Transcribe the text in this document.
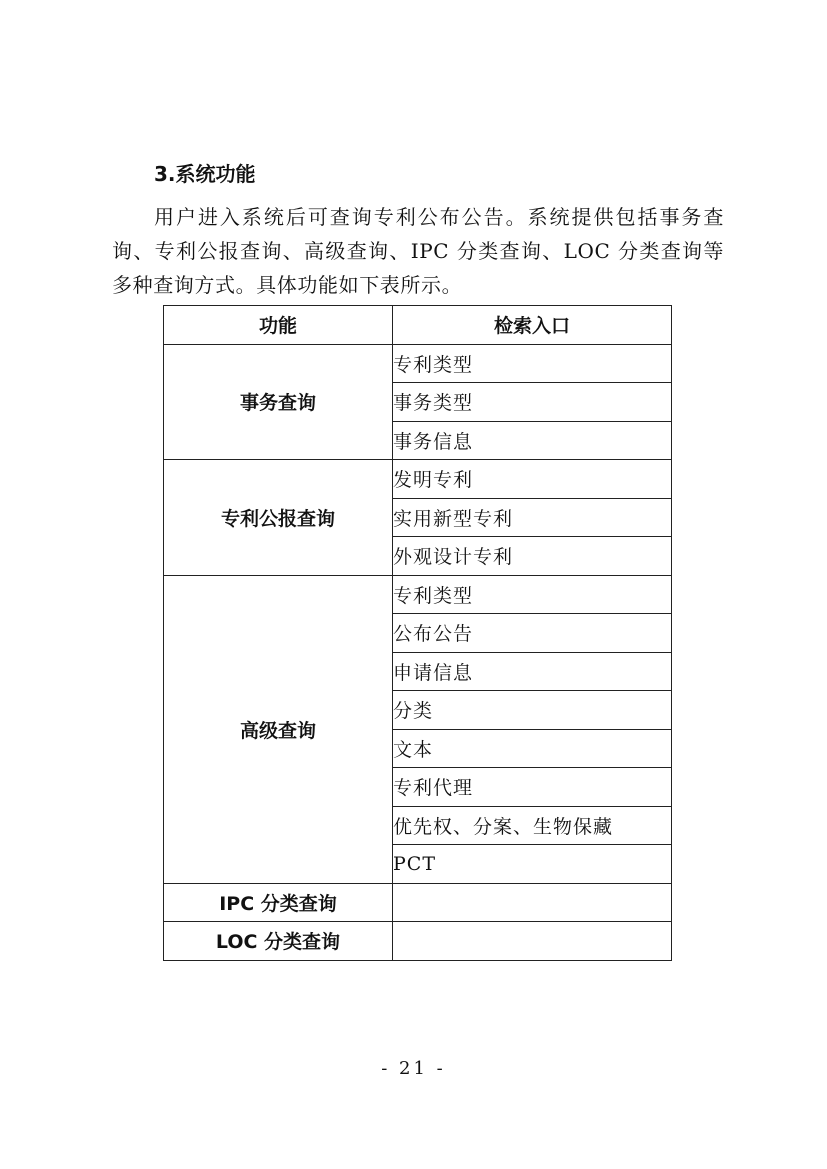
3.系统功能

用户进入系统后可查询专利公布公告。系统提供包括事务查询、专利公报查询、高级查询、IPC 分类查询、LOC 分类查询等多种查询方式。具体功能如下表所示。

功能	检索入口
事务查询	专利类型
	事务类型
	事务信息
专利公报查询	发明专利
	实用新型专利
	外观设计专利
高级查询	专利类型
	公布公告
	申请信息
	分类
	文本
	专利代理
	优先权、分案、生物保藏
	PCT
IPC 分类查询	
LOC 分类查询	
- 21 -
